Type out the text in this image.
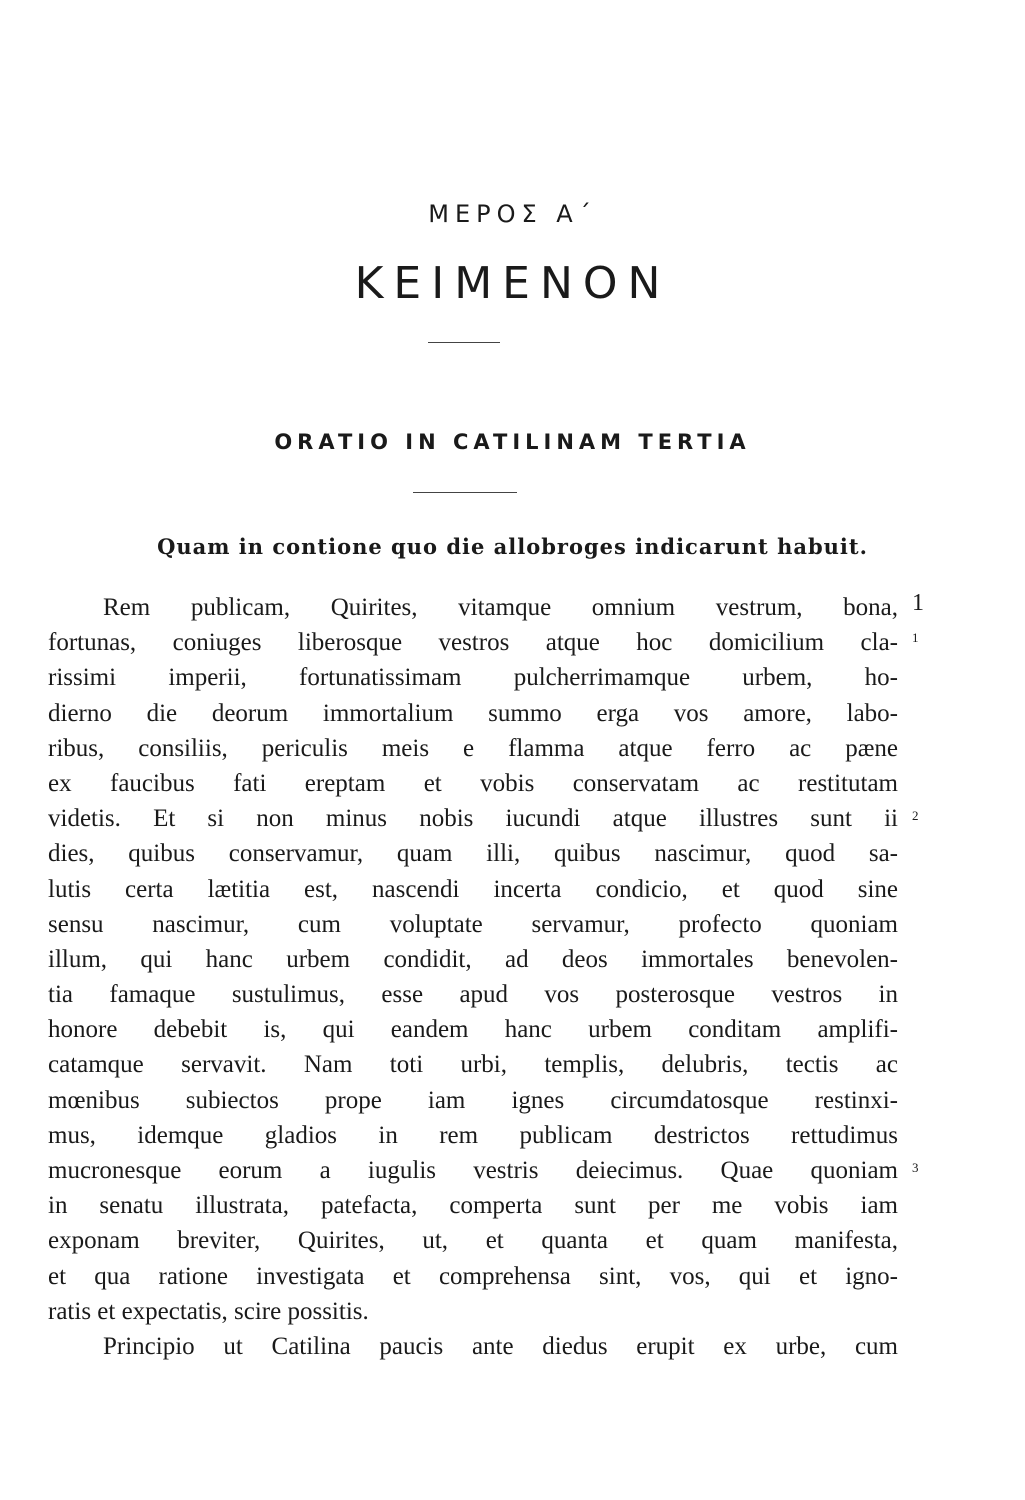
ΜΕΡΟΣ Α΄
ΚΕΙΜΕΝΟΝ
ORATIO IN CATILINAM TERTIA
Quam in contione quo die allobroges indicarunt habuit.
Rem publicam, Quirites, vitamque omnium vestrum, bona,
fortunas, coniuges liberosque vestros atque hoc domicilium cla-
rissimi imperii, fortunatissimam pulcherrimamque urbem, ho-
dierno die deorum immortalium summo erga vos amore, labo-
ribus, consiliis, periculis meis e flamma atque ferro ac pæne
ex faucibus fati ereptam et vobis conservatam ac restitutam
videtis. Et si non minus nobis iucundi atque illustres sunt ii
dies, quibus conservamur, quam illi, quibus nascimur, quod sa-
lutis certa lætitia est, nascendi incerta condicio, et quod sine
sensu nascimur, cum voluptate servamur, profecto quoniam
illum, qui hanc urbem condidit, ad deos immortales benevolen-
tia famaque sustulimus, esse apud vos posterosque vestros in
honore debebit is, qui eandem hanc urbem conditam amplifi-
catamque servavit. Nam toti urbi, templis, delubris, tectis ac
mœnibus subiectos prope iam ignes circumdatosque restinxi-
mus, idemque gladios in rem publicam destrictos rettudimus
mucronesque eorum a iugulis vestris deiecimus. Quae quoniam
in senatu illustrata, patefacta, comperta sunt per me vobis iam
exponam breviter, Quirites, ut, et quanta et quam manifesta,
et qua ratione investigata et comprehensa sint, vos, qui et igno-
ratis et expectatis, scire possitis.
Principio ut Catilina paucis ante diedus erupit ex urbe, cum
1
1
2
3
